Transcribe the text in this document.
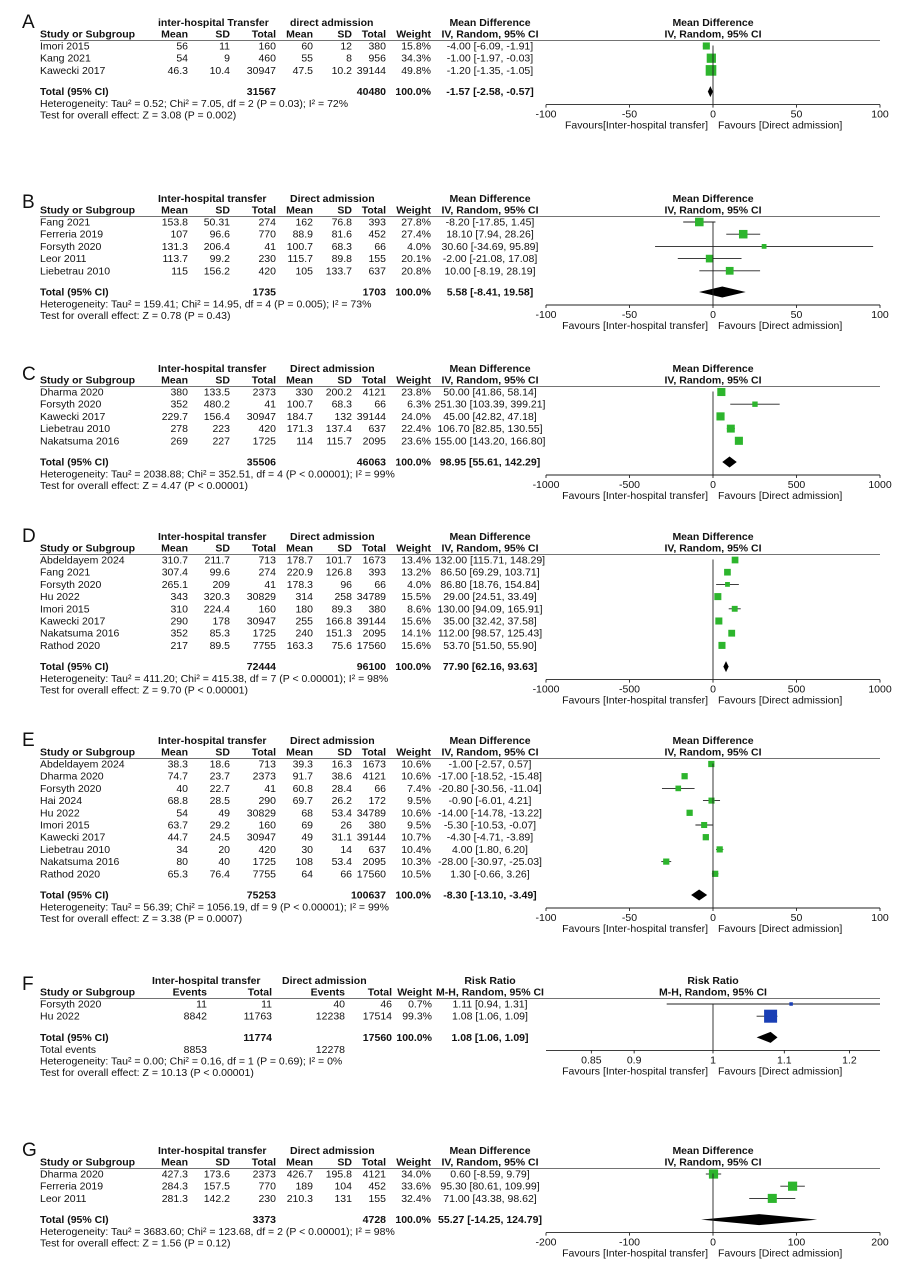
A	inter-hospital Transfer direct admission	Mean Difference	Mean Difference
Study or Subgroup Mean	SD Total Mean SD Total Weight IV, Random, 95% CI	IV, Random, 95% CI
Imori 2015	56	11	160 60	12 380 15.8% -4.00 [-6.09, -1.91]
Kang 2021	54	9	460 55	8 956 34.3% -1.00 [-1.97, -0.03]
Kawecki 2017	46.3 10.4 30947 47.5 10.2 39144 49.8% -1.20 [-1.35, -1.05]
Total (95% CI)	31567	40480 100.0% -1.57 [-2.58, -0.57]
Heterogeneity: Tau² = 0.52; Chi² = 7.05, df = 2 (P = 0.03); I² = 72%
Test for overall effect: Z = 3.08 (P = 0.002)	-100	-50	0	50	100
Favours[Inter-hospital transfer] Favours [Direct admission]
B	Inter-hospital transfer Direct admission	Mean Difference	Mean Difference
Study or Subgroup Mean	SD Total Mean SD Total Weight IV, Random, 95% CI	IV, Random, 95% CI
Fang 2021	153.8 50.31	274 162 76.8 393 27.8% -8.20 [-17.85, 1.45]
Ferreria 2019	107 96.6	770 88.9 81.6 452 27.4% 18.10 [7.94, 28.26]
Forsyth 2020	131.3 206.4	41 100.7 68.3 66 4.0% 30.60 [-34.69, 95.89]
Leor 2011	113.7 99.2	230 115.7 89.8 155 20.1% -2.00 [-21.08, 17.08]
Liebetrau 2010	115 156.2	420 105 133.7 637 20.8% 10.00 [-8.19, 28.19]
Total (95% CI)	1735	1703 100.0% 5.58 [-8.41, 19.58]
Heterogeneity: Tau² = 159.41; Chi² = 14.95, df = 4 (P = 0.005); I² = 73%
Test for overall effect: Z = 0.78 (P = 0.43)	-100	-50	0	50	100
Favours [Inter-hospital transfer] Favours [Direct admission]
C	Inter-hospital transfer Direct admission	Mean Difference	Mean Difference
Study or Subgroup Mean	SD Total Mean SD Total Weight IV, Random, 95% CI	IV, Random, 95% CI
Dharma 2020	380 133.5 2373 330 200.2 4121 23.8% 50.00 [41.86, 58.14]
Forsyth 2020	352 480.2	41 100.7 68.3 66 6.3% 251.30 [103.39, 399.21]
Kawecki 2017	229.7 156.4 30947 184.7 132 39144 24.0% 45.00 [42.82, 47.18]
Liebetrau 2010	278 223	420 171.3 137.4 637 22.4% 106.70 [82.85, 130.55]
Nakatsuma 2016	269 227 1725 114 115.7 2095 23.6% 155.00 [143.20, 166.80]
Total (95% CI)	35506	46063 100.0% 98.95 [55.61, 142.29]
Heterogeneity: Tau² = 2038.88; Chi² = 352.51, df = 4 (P < 0.00001); I² = 99%
Test for overall effect: Z = 4.47 (P < 0.00001)	-1000	-500	0	500	1000
Favours [Inter-hospital transfer] Favours [Direct admission]
D	Inter-hospital transfer Direct admission	Mean Difference	Mean Difference
Study or Subgroup Mean	SD Total Mean SD Total Weight IV, Random, 95% CI	IV, Random, 95% CI
Abdeldayem 2024	310.7 211.7	713 178.7 101.7 1673 13.4% 132.00 [115.71, 148.29]
Fang 2021	307.4 99.6	274 220.9 126.8 393 13.2% 86.50 [69.29, 103.71]
Forsyth 2020	265.1 209	41 178.3	96 66 4.0% 86.80 [18.76, 154.84]
Hu 2022	343 320.3 30829 314 258 34789 15.5% 29.00 [24.51, 33.49]
Imori 2015	310 224.4	160 180 89.3 380 8.6% 130.00 [94.09, 165.91]
Kawecki 2017	290 178 30947 255 166.8 39144 15.6% 35.00 [32.42, 37.58]
Nakatsuma 2016	352 85.3 1725 240 151.3 2095 14.1% 112.00 [98.57, 125.43]
Rathod 2020	217 89.5 7755 163.3 75.6 17560 15.6% 53.70 [51.50, 55.90]
Total (95% CI)	72444	96100 100.0% 77.90 [62.16, 93.63]
Heterogeneity: Tau² = 411.20; Chi² = 415.38, df = 7 (P < 0.00001); I² = 98%
Test for overall effect: Z = 9.70 (P < 0.00001)	-1000	-500	0	500	1000
Favours [Inter-hospital transfer] Favours [Direct admission]
E	Inter-hospital transfer Direct admission	Mean Difference	Mean Difference
Study or Subgroup Mean	SD Total Mean SD Total Weight IV, Random, 95% CI	IV, Random, 95% CI
Abdeldayem 2024	38.3 18.6	713 39.3 16.3 1673 10.6% -1.00 [-2.57, 0.57]
Dharma 2020	74.7 23.7 2373 91.7 38.6 4121 10.6% -17.00 [-18.52, -15.48]
Forsyth 2020	40 22.7	41 60.8 28.4 66 7.4% -20.80 [-30.56, -11.04]
Hai 2024	68.8 28.5	290 69.7 26.2 172 9.5% -0.90 [-6.01, 4.21]
Hu 2022	54	49 30829 68 53.4 34789 10.6% -14.00 [-14.78, -13.22]
Imori 2015	63.7 29.2	160 69	26 380 9.5% -5.30 [-10.53, -0.07]
Kawecki 2017	44.7 24.5 30947 49 31.1 39144 10.7% -4.30 [-4.71, -3.89]
Liebetrau 2010	34	20	420 30	14 637 10.4% 4.00 [1.80, 6.20]
Nakatsuma 2016	80	40 1725 108 53.4 2095 10.3% -28.00 [-30.97, -25.03]
Rathod 2020	65.3 76.4 7755 64	66 17560 10.5% 1.30 [-0.66, 3.26]
Total (95% CI)	75253	100637 100.0% -8.30 [-13.10, -3.49]
Heterogeneity: Tau² = 56.39; Chi² = 1056.19, df = 9 (P < 0.00001); I² = 99%
Test for overall effect: Z = 3.38 (P = 0.0007)	-100	-50	0	50	100
Favours [Inter-hospital transfer] Favours [Direct admission]
F	Inter-hospital transfer Direct admission	Risk Ratio	Risk Ratio
Study or Subgroup	Events	Total	Events Total Weight M-H, Random, 95% CI	M-H, Random, 95% CI
Forsyth 2020	11	11	40	46 0.7% 1.11 [0.94, 1.31]
Hu 2022	8842	11763	12238 17514 99.3% 1.08 [1.06, 1.09]
Total (95% CI)	11774	17560 100.0% 1.08 [1.06, 1.09]
Total events	8853	12278
Heterogeneity: Tau² = 0.00; Chi² = 0.16, df = 1 (P = 0.69); I² = 0%
Test for overall effect: Z = 10.13 (P < 0.00001)
0.85 0.9	1	1.1	1.2
Favours [Inter-hospital transfer] Favours [Direct admission]
G	Inter-hospital transfer Direct admission	Mean Difference	Mean Difference
Study or Subgroup Mean	SD Total Mean SD Total Weight IV, Random, 95% CI	IV, Random, 95% CI
Dharma 2020	427.3 173.6 2373 426.7 195.8 4121 34.0% 0.60 [-8.59, 9.79]
Ferreria 2019	284.3 157.5	770 189 104 452 33.6% 95.30 [80.61, 109.99]
Leor 2011	281.3 142.2	230 210.3 131 155 32.4% 71.00 [43.38, 98.62]
Total (95% CI)	3373	4728 100.0% 55.27 [-14.25, 124.79]
Heterogeneity: Tau² = 3683.60; Chi² = 123.68, df = 2 (P < 0.00001); I² = 98%
Test for overall effect: Z = 1.56 (P = 0.12)	-200	-100	0	100	200
Favours [Inter-hospital transfer] Favours [Direct admission]
